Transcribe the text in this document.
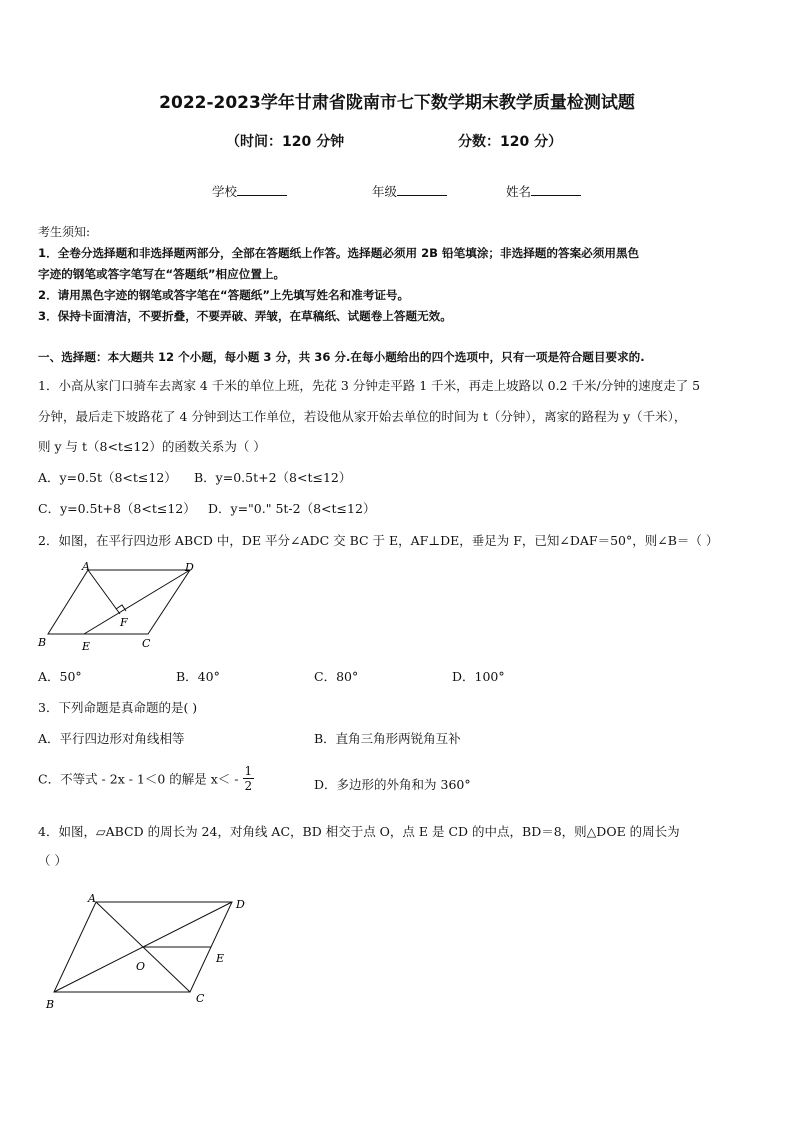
2022-2023学年甘肃省陇南市七下数学期末教学质量检测试题
（时间：120 分钟	分数：120 分）
学校	年级	姓名
考生须知:
1．全卷分选择题和非选择题两部分，全部在答题纸上作答。选择题必须用 2B 铅笔填涂；非选择题的答案必须用黑色
字迹的钢笔或答字笔写在“答题纸”相应位置上。
2．请用黑色字迹的钢笔或答字笔在“答题纸”上先填写姓名和准考证号。
3．保持卡面清洁，不要折叠，不要弄破、弄皱，在草稿纸、试题卷上答题无效。
一、选择题：本大题共 12 个小题，每小题 3 分，共 36 分.在每小题给出的四个选项中，只有一项是符合题目要求的.
1．小高从家门口骑车去离家 4 千米的单位上班，先花 3 分钟走平路 1 千米，再走上坡路以 0.2 千米/分钟的速度走了 5
分钟，最后走下坡路花了 4 分钟到达工作单位，若设他从家开始去单位的时间为 t（分钟），离家的路程为 y（千米），
则 y 与 t（8<t≤12）的函数关系为（ ）
A．y=0.5t（8<t≤12） B．y=0.5t+2（8<t≤12）
C．y=0.5t+8（8<t≤12） D．y="0." 5t-2（8<t≤12）
2．如图，在平行四边形 ABCD 中，DE 平分∠ADC 交 BC 于 E，AF⊥DE，垂足为 F，已知∠DAF＝50°，则∠B＝（ ）
A	D
B	E	C
F
A．50°	B．40°	C．80°	D．100°
3．下列命题是真命题的是( )
A．平行四边形对角线相等	B．直角三角形两锐角互补
C．不等式 - 2x - 1＜0 的解是 $x< - \frac{1}{2}$	D．多边形的外角和为 360°
4．如图，▱ABCD 的周长为 24，对角线 AC，BD 相交于点 O，点 E 是 CD 的中点，BD＝8，则△DOE 的周长为
（ ）
A	D
B	C
O
E
